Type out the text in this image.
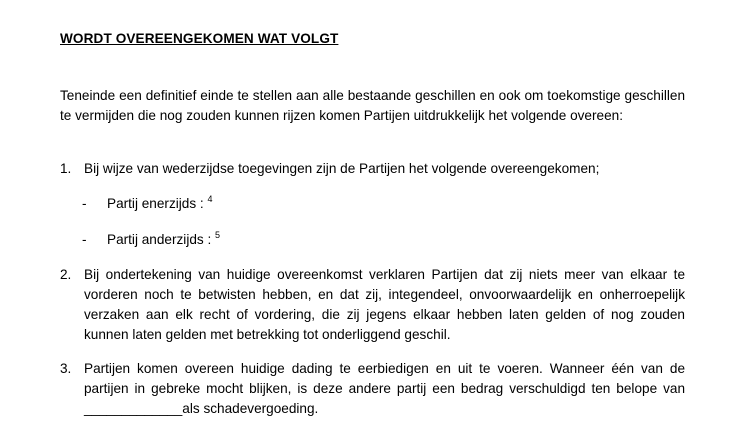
WORDT OVEREENGEKOMEN WAT VOLGT
Teneinde een definitief einde te stellen aan alle bestaande geschillen en ook om toekomstige geschillen te vermijden die nog zouden kunnen rijzen komen Partijen uitdrukkelijk het volgende overeen:
1. Bij wijze van wederzijdse toegevingen zijn de Partijen het volgende overeengekomen;
- Partij enerzijds : $^4$
- Partij anderzijds : $^5$
2. Bij ondertekening van huidige overeenkomst verklaren Partijen dat zij niets meer van elkaar te vorderen noch te betwisten hebben, en dat zij, integendeel, onvoorwaardelijk en onherroepelijk verzaken aan elk recht of vordering, die zij jegens elkaar hebben laten gelden of nog zouden kunnen laten gelden met betrekking tot onderliggend geschil.
3. Partijen komen overeen huidige dading te eerbiedigen en uit te voeren. Wanneer één van de partijen in gebreke mocht blijken, is deze andere partij een bedrag verschuldigd ten belope van _____________als schadevergoeding.
